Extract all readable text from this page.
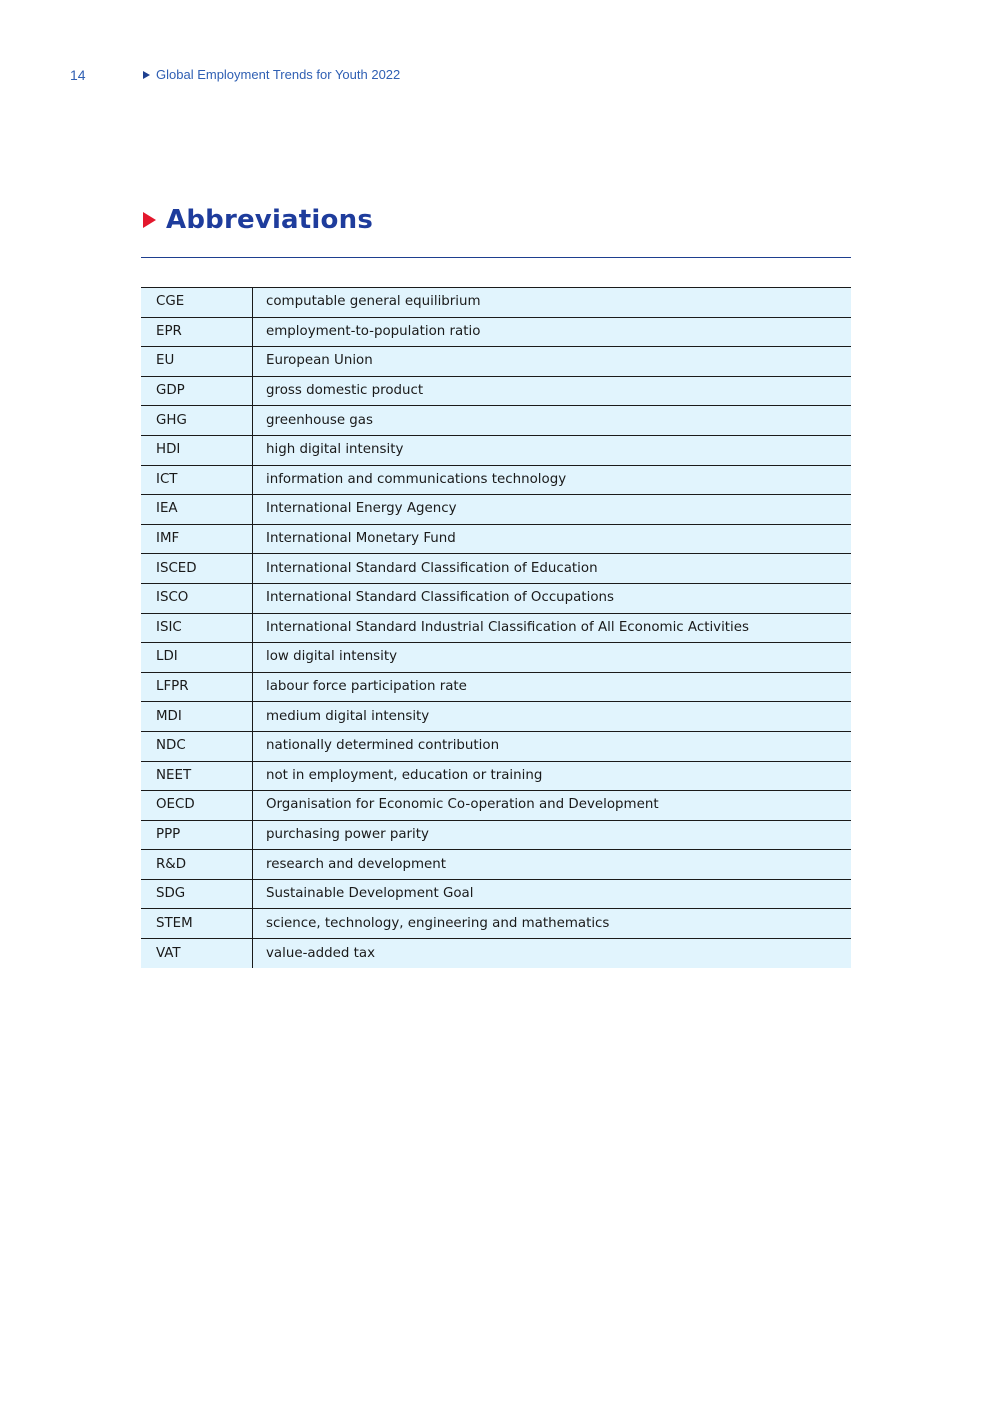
14	Global Employment Trends for Youth 2022
Abbreviations
CGE	computable general equilibrium
EPR	employment-to-population ratio
EU	European Union
GDP	gross domestic product
GHG	greenhouse gas
HDI	high digital intensity
ICT	information and communications technology
IEA	International Energy Agency
IMF	International Monetary Fund
ISCED	International Standard Classification of Education
ISCO	International Standard Classification of Occupations
ISIC	International Standard Industrial Classification of All Economic Activities
LDI	low digital intensity
LFPR	labour force participation rate
MDI	medium digital intensity
NDC	nationally determined contribution
NEET	not in employment, education or training
OECD	Organisation for Economic Co-operation and Development
PPP	purchasing power parity
R&D	research and development
SDG	Sustainable Development Goal
STEM	science, technology, engineering and mathematics
VAT	value-added tax
